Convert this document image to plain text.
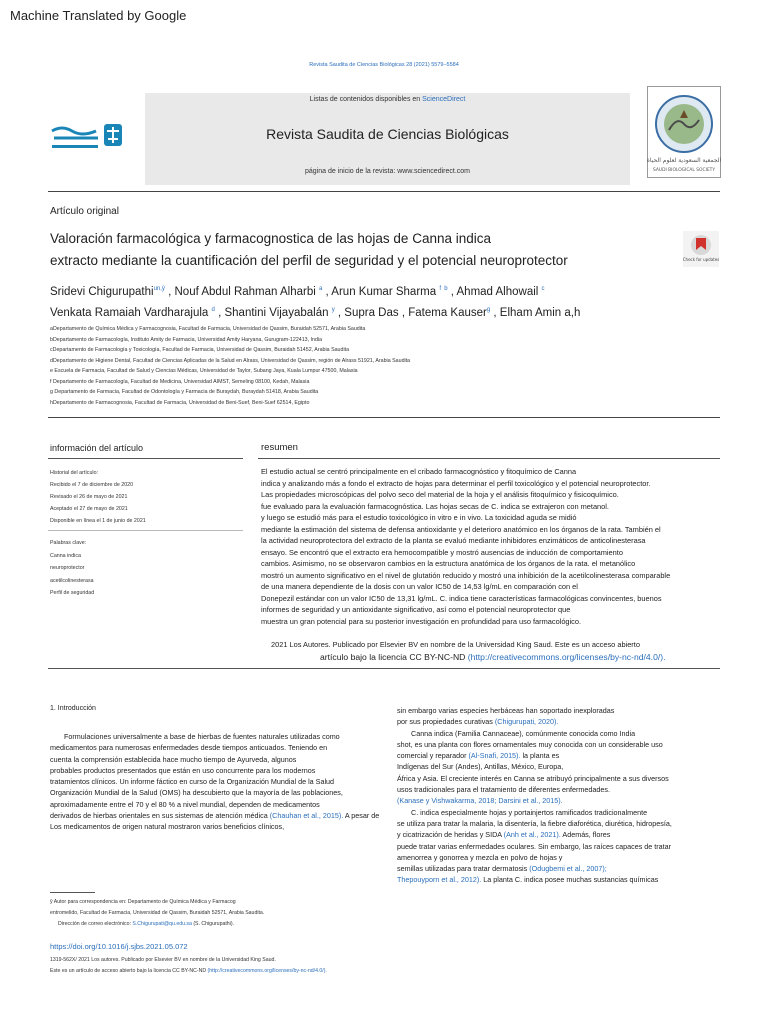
Machine Translated by Google
Revista Saudita de Ciencias Biológicas 28 (2021) 5579–5584
Listas de contenidos disponibles en ScienceDirect
Revista Saudita de Ciencias Biológicas
página de inicio de la revista: www.sciencedirect.com
الجمعية السعودية لعلوم الحياة
SAUDI BIOLOGICAL SOCIETY
Artículo original
Valoración farmacológica y farmacognostica de las hojas de Canna indica
extracto mediante la cuantificación del perfil de seguridad y el potencial neuroprotector	Check for updates
Sridevi Chigurupathi$^{un,ŷ}$ , Nouf Abdul Rahman Alharbi $^a$ , Arun Kumar Sharma $^f$ $^b$ , Ahmad Alhowail $^c$
Venkata Ramaiah Vardharajula $^d$ , Shantini Vijayabalán $^y$ , Supra Das , Fatema Kauser$^g$ , Elham Amin a,h
aDepartamento de Química Médica y Farmacognosia, Facultad de Farmacia, Universidad de Qassim, Buraidah 52571, Arabia Saudita
bDepartamento de Farmacología, Instituto Amity de Farmacia, Universidad Amity Haryana, Gurugram-122413, India
cDepartamento de Farmacología y Toxicología, Facultad de Farmacia, Universidad de Qassim, Buraidah 51452, Arabia Saudita
dDepartamento de Higiene Dental, Facultad de Ciencias Aplicadas de la Salud en Alrass, Universidad de Qassim, región de Alrass 51921, Arabia Saudita
e Escuela de Farmacia, Facultad de Salud y Ciencias Médicas, Universidad de Taylor, Subang Jaya, Kuala Lumpur 47500, Malasia
f Departamento de Farmacología, Facultad de Medicina, Universidad AIMST, Semeling 08100, Kedah, Malasia
g Departamento de Farmacia, Facultad de Odontología y Farmacia de Buraydah, Buraydah 51418, Arabia Saudita
hDepartamento de Farmacognosia, Facultad de Farmacia, Universidad de Beni-Suef, Beni-Suef 62514, Egipto
información del artículo
Historial del artículo:
Recibido el 7 de diciembre de 2020
Revisado el 26 de mayo de 2021
Aceptado el 27 de mayo de 2021
Disponible en línea el 1 de junio de 2021
Palabras clave:
Canna indica
neuroprotector
acetilcolinesterasa
Perfil de seguridad
resumen
El estudio actual se centró principalmente en el cribado farmacognóstico y fitoquímico de Canna
indica y analizando más a fondo el extracto de hojas para determinar el perfil toxicológico y el potencial neuroprotector.
Las propiedades microscópicas del polvo seco del material de la hoja y el análisis fitoquímico y fisicoquímico.
fue evaluado para la evaluación farmacognóstica. Las hojas secas de C. indica se extrajeron con metanol.
y luego se estudió más para el estudio toxicológico in vitro e in vivo. La toxicidad aguda se midió
mediante la estimación del sistema de defensa antioxidante y el deterioro anatómico en los órganos de la rata. También el
la actividad neuroprotectora del extracto de la planta se evaluó mediante inhibidores enzimáticos de anticolinesterasa
ensayo. Se encontró que el extracto era hemocompatible y mostró ausencias de inducción de comportamiento
cambios. Asimismo, no se observaron cambios en la estructura anatómica de los órganos de la rata. el metanólico
mostró un aumento significativo en el nivel de glutatión reducido y mostró una inhibición de la acetilcolinesterasa comparable
de una manera dependiente de la dosis con un valor IC50 de 14,53 lg/mL en comparación con el
Donepezil estándar con un valor IC50 de 13,31 lg/mL. C. indica tiene características farmacológicas convincentes, buenos
informes de seguridad y un antioxidante significativo, así como el potencial neuroprotector que
muestra un gran potencial para su posterior investigación en profundidad para uso farmacológico.
2021 Los Autores. Publicado por Elsevier BV en nombre de la Universidad King Saud. Este es un acceso abierto
artículo bajo la licencia CC BY-NC-ND (http://creativecommons.org/licenses/by-nc-nd/4.0/).
1. Introducción
Formulaciones universalmente a base de hierbas de fuentes naturales utilizadas como
medicamentos para numerosas enfermedades desde tiempos anticuados. Teniendo en
cuenta la comprensión establecida hace mucho tiempo de Ayurveda, algunos
probables productos presentados que están en uso concurrente para los modernos
tratamientos clínicos. Un informe fáctico en curso de la Organización Mundial de la Salud
Organización Mundial de la Salud (OMS) ha descubierto que la mayoría de las poblaciones,
aproximadamente entre el 70 y el 80 % a nivel mundial, dependen de medicamentos
derivados de hierbas orientales en sus sistemas de atención médica (Chauhan et al., 2015). A pesar de
Los medicamentos de origen natural mostraron varios beneficios clínicos,
sin embargo varias especies herbáceas han soportado inexploradas
por sus propiedades curativas (Chigurupati, 2020).
Canna indica (Familia Cannaceae), comúnmente conocida como India
shot, es una planta con flores ornamentales muy conocida con un considerable uso
comercial y reparador (Al-Snafi, 2015). la planta es
Indígenas del Sur (Andes), Antillas, México, Europa,
África y Asia. El creciente interés en Canna se atribuyó principalmente a sus diversos
usos tradicionales para el tratamiento de diferentes enfermedades.
(Kanase y Vishwakarma, 2018; Darsini et al., 2015).
C. indica especialmente hojas y portainjertos ramificados tradicionalmente
se utiliza para tratar la malaria, la disentería, la fiebre diaforética, diurética, hidropesía,
y cicatrización de heridas y SIDA (Anh et al., 2021). Además, flores
puede tratar varias enfermedades oculares. Sin embargo, las raíces capaces de tratar
amenorrea y gonorrea y mezcla en polvo de hojas y
semillas utilizadas para tratar dermatosis (Odugbemi et al., 2007);
Thepouyporn et al., 2012). La planta C. indica posee muchas sustancias químicas
ŷ Autor para correspondencia en: Departamento de Química Médica y Farmacog
entromelido, Facultad de Farmacia, Universidad de Qassim, Buraidah 52571, Arabia Saudita.
Dirección de correo electrónico: S.Chigurupati@qu.edu.sa (S. Chigurupathi).
https://doi.org/10.1016/j.sjbs.2021.05.072
1319-562X/ 2021 Los autores. Publicado por Elsevier BV en nombre de la Universidad King Saud.
Este es un artículo de acceso abierto bajo la licencia CC BY-NC-ND (http://creativecommons.org/licenses/by-nc-nd/4.0/).
